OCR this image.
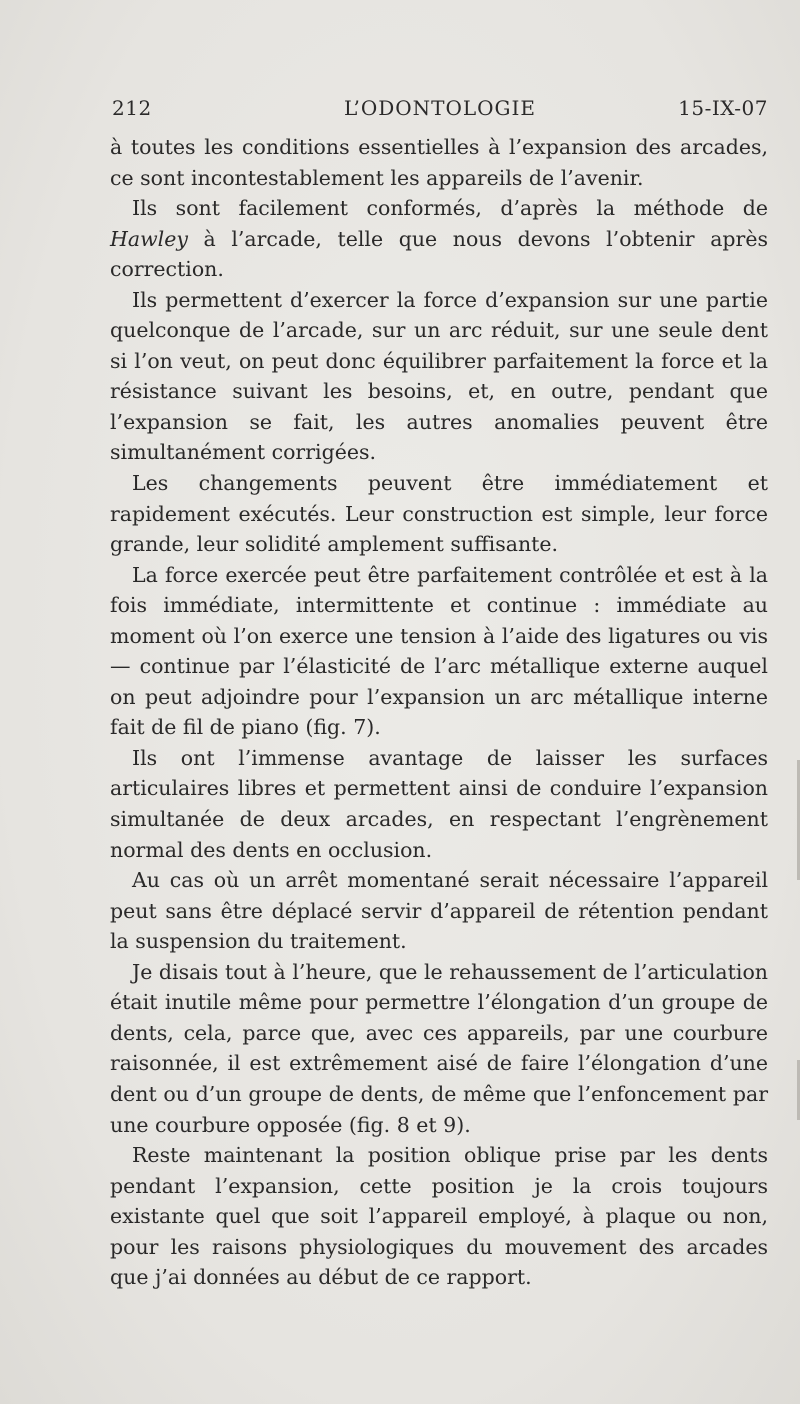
212	L’ODONTOLOGIE	15-IX-07

à toutes les conditions essentielles à l’expansion des arcades, ce sont incontestablement les appareils de l’avenir.

Ils sont facilement conformés, d’après la méthode de Hawley à l’arcade, telle que nous devons l’obtenir après correction.

Ils permettent d’exercer la force d’expansion sur une partie quelconque de l’arcade, sur un arc réduit, sur une seule dent si l’on veut, on peut donc équilibrer parfaitement la force et la résistance suivant les besoins, et, en outre, pendant que l’expansion se fait, les autres anomalies peuvent être simultanément corrigées.

Les changements peuvent être immédiatement et rapidement exécutés. Leur construction est simple, leur force grande, leur solidité amplement suffisante.

La force exercée peut être parfaitement contrôlée et est à la fois immédiate, intermittente et continue : immédiate au moment où l’on exerce une tension à l’aide des ligatures ou vis — continue par l’élasticité de l’arc métallique externe auquel on peut adjoindre pour l’expansion un arc métallique interne fait de fil de piano (fig. 7).

Ils ont l’immense avantage de laisser les surfaces articulaires libres et permettent ainsi de conduire l’expansion simultanée de deux arcades, en respectant l’engrènement normal des dents en occlusion.

Au cas où un arrêt momentané serait nécessaire l’appareil peut sans être déplacé servir d’appareil de rétention pendant la suspension du traitement.

Je disais tout à l’heure, que le rehaussement de l’articulation était inutile même pour permettre l’élongation d’un groupe de dents, cela, parce que, avec ces appareils, par une courbure raisonnée, il est extrêmement aisé de faire l’élongation d’une dent ou d’un groupe de dents, de même que l’enfoncement par une courbure opposée (fig. 8 et 9).

Reste maintenant la position oblique prise par les dents pendant l’expansion, cette position je la crois toujours existante quel que soit l’appareil employé, à plaque ou non, pour les raisons physiologiques du mouvement des arcades que j’ai données au début de ce rapport.
